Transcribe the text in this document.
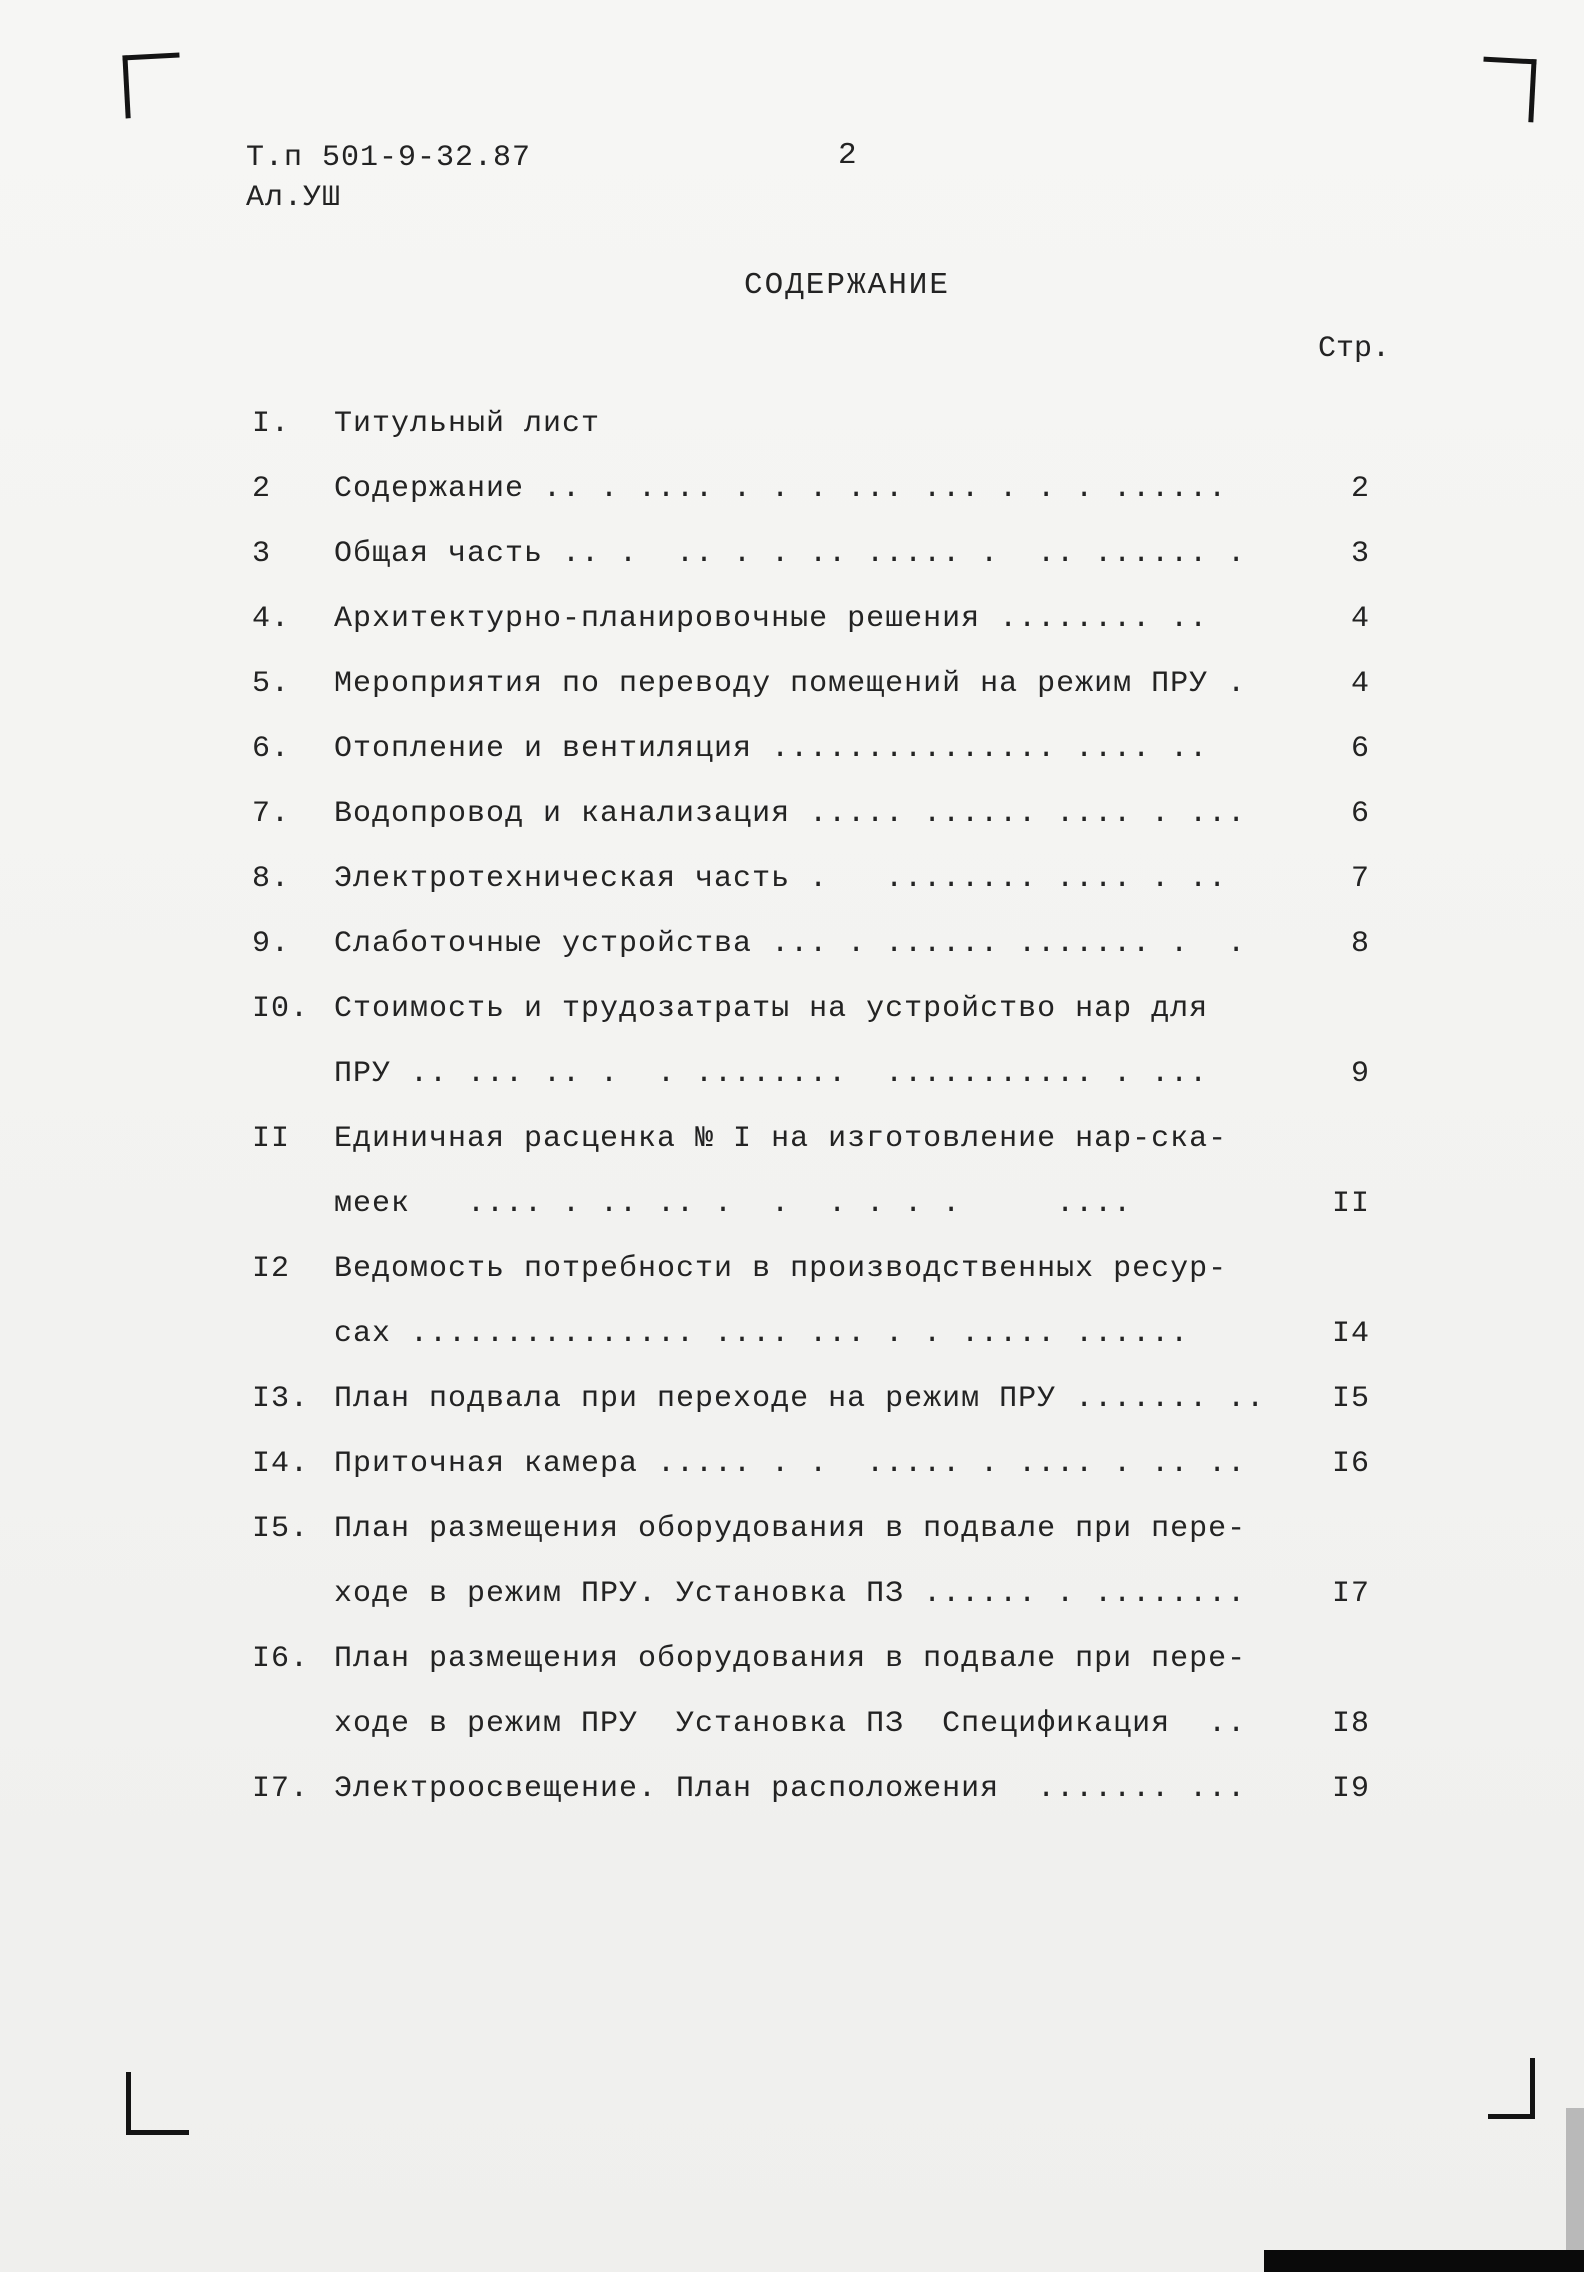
Т.п 501-9-32.87
Ал.УШ
2
СОДЕРЖАНИЕ
Стр.
I.	Титульный лист
2	Содержание .. . .... . . . ... ... . . . ......	2
3	Общая часть .. .  .. . . .. ..... .  .. ...... .	3
4.	Архитектурно-планировочные решения ........ ..	4
5.	Мероприятия по переводу помещений на режим ПРУ .	4
6.	Отопление и вентиляция ............... .... ..	6
7.	Водопровод и канализация ..... ...... .... . ...	6
8.	Электротехническая часть .   ........ .... . ..	7
9.	Слаботочные устройства ... . ...... ....... .  .	8
I0. Стоимость и трудозатраты на устройство нар для
ПРУ .. ... .. .  . ........  ........... . ...	9
II	Единичная расценка № I на изготовление нар-ска-
меек   .... . .. .. .  .  . . . .     ....	II
I2	Ведомость потребности в производственных ресур-
сах ............... .... ... . . ..... ......	I4
I3. План подвала при переходе на режим ПРУ ....... ..	I5
I4. Приточная камера ..... . .  ..... . .... . .. ..	I6
I5. План размещения оборудования в подвале при пере-
ходе в режим ПРУ. Установка ПЗ ...... . ........	I7
I6. План размещения оборудования в подвале при пере-
ходе в режим ПРУ  Установка ПЗ  Спецификация  ..	I8
I7. Электроосвещение. План расположения  ....... ...	I9
